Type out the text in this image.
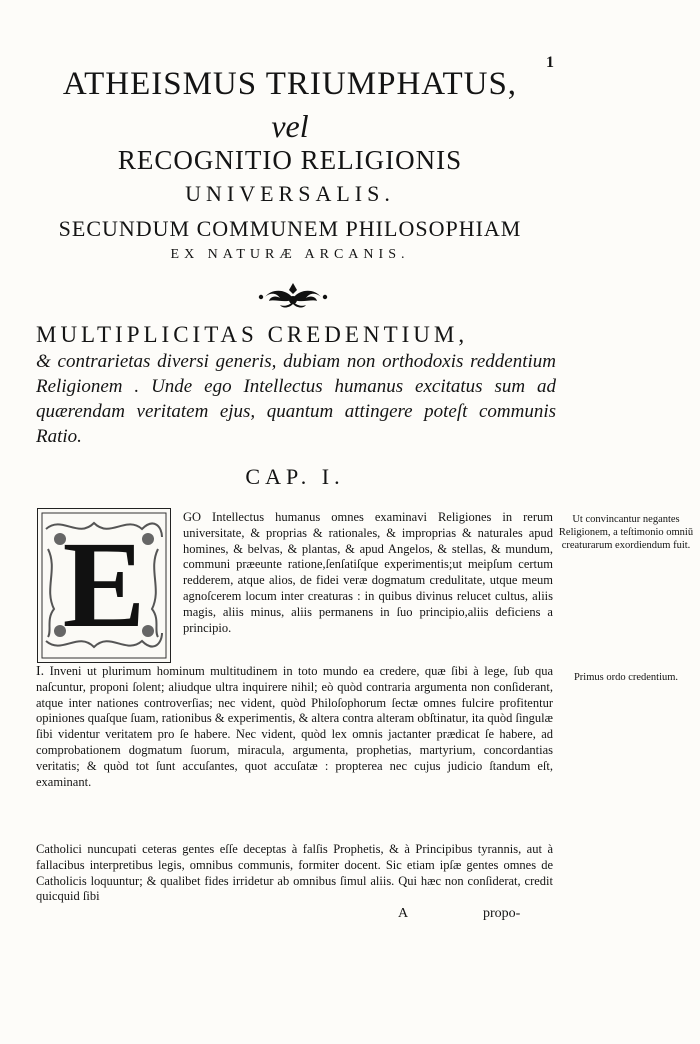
1
ATHEISMUS TRIUMPHATUS,
vel
RECOGNITIO RELIGIONIS
UNIVERSALIS.
SECUNDUM COMMUNEM PHILOSOPHIAM
EX NATURÆ ARCANIS.
MULTIPLICITAS CREDENTIUM,
& contrarietas diversi generis, dubiam non orthodoxis reddentium Religionem . Unde ego Intellectus humanus excitatus sum ad quærendam veritatem ejus, quantum attingere poteſt communis Ratio.
CAP. I.
E	GO Intellectus humanus omnes examinavi Religiones in rerum universitate, & proprias & rationales, & improprias & naturales apud homines, & belvas, & plantas, & apud Angelos, & stellas, & mundum, communi præeunte ratione,ſenſatiſque experimentis;ut meipſum certum redderem, atque alios, de fidei veræ dogmatum credulitate, utque meum agnoſcerem locum inter creaturas : in quibus divinus relucet cultus, aliis magis, aliis minus, aliis permanens in ſuo principio,aliis deficiens a principio.
I. Inveni ut plurimum hominum multitudinem in toto mundo ea credere, quæ ſibi à lege, ſub qua naſcuntur, proponi ſolent; aliudque ultra inquirere nihil; eò quòd contraria argumenta non conſiderant, atque inter nationes controverſias; nec vident, quòd Philoſophorum ſectæ omnes fulcire profitentur opiniones quaſque ſuam, rationibus & experimentis, & altera contra alteram obſtinatur, ita quòd ſingulæ ſibi videntur veritatem pro ſe habere. Nec vident, quòd lex omnis jactanter prædicat ſe habere, ad comprobationem dogmatum ſuorum, miracula, argumenta, prophetias, martyrium, concordantias veritatis; & quòd tot ſunt accuſantes, quot accuſatæ : propterea nec cujus judicio ſtandum eſt, examinant.
Catholici nuncupati ceteras gentes eſſe deceptas à falſis Prophetis, & à Principibus tyrannis, aut à fallacibus interpretibus legis, omnibus communis, formiter docent. Sic etiam ipſæ gentes omnes de Catholicis loquuntur; & qualibet fides irridetur ab omnibus ſimul aliis. Qui hæc non conſiderat, credit quicquid ſibi
Ut convincantur negantes Religionem, a teſtimonio omniū creaturarum exordiendum fuit.
Primus ordo credentium.
A	propo-
